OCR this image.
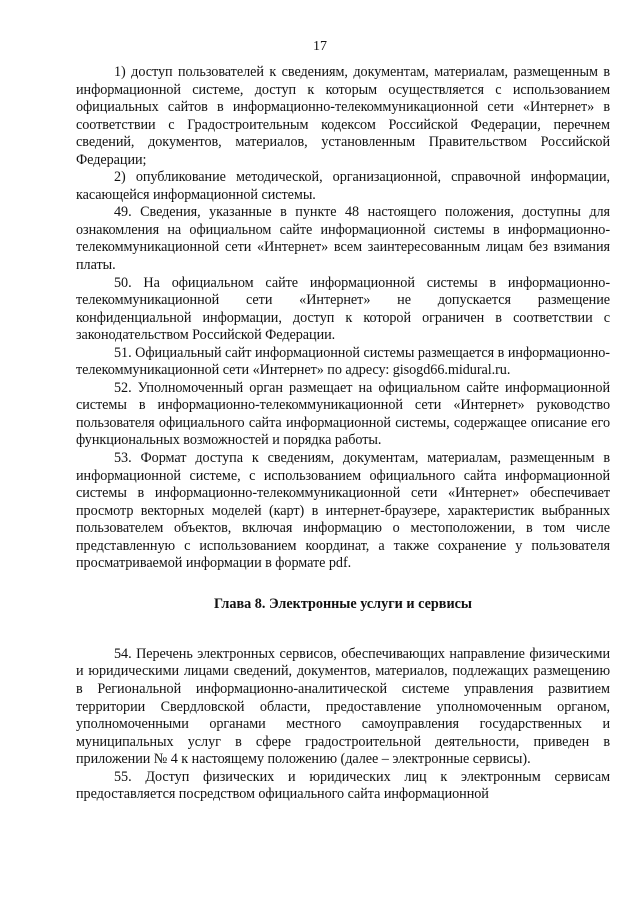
17

1) доступ пользователей к сведениям, документам, материалам, размещенным в информационной системе, доступ к которым осуществляется с использованием официальных сайтов в информационно-телекоммуникационной сети «Интернет» в соответствии с Градостроительным кодексом Российской Федерации, перечнем сведений, документов, материалов, установленным Правительством Российской Федерации;

2) опубликование методической, организационной, справочной информации, касающейся информационной системы.

49. Сведения, указанные в пункте 48 настоящего положения, доступны для ознакомления на официальном сайте информационной системы в информационно-телекоммуникационной сети «Интернет» всем заинтересованным лицам без взимания платы.

50. На официальном сайте информационной системы в информационно-телекоммуникационной сети «Интернет» не допускается размещение конфиденциальной информации, доступ к которой ограничен в соответствии с законодательством Российской Федерации.

51. Официальный сайт информационной системы размещается в информационно-телекоммуникационной сети «Интернет» по адресу: gisogd66.midural.ru.

52. Уполномоченный орган размещает на официальном сайте информационной системы в информационно-телекоммуникационной сети «Интернет» руководство пользователя официального сайта информационной системы, содержащее описание его функциональных возможностей и порядка работы.

53. Формат доступа к сведениям, документам, материалам, размещенным в информационной системе, с использованием официального сайта информационной системы в информационно-телекоммуникационной сети «Интернет» обеспечивает просмотр векторных моделей (карт) в интернет-браузере, характеристик выбранных пользователем объектов, включая информацию о местоположении, в том числе представленную с использованием координат, а также сохранение у пользователя просматриваемой информации в формате pdf.

Глава 8. Электронные услуги и сервисы

54. Перечень электронных сервисов, обеспечивающих направление физическими и юридическими лицами сведений, документов, материалов, подлежащих размещению в Региональной информационно-аналитической системе управления развитием территории Свердловской области, предоставление уполномоченным органом, уполномоченными органами местного самоуправления государственных и муниципальных услуг в сфере градостроительной деятельности, приведен в приложении № 4 к настоящему положению (далее – электронные сервисы).

55. Доступ физических и юридических лиц к электронным сервисам предоставляется посредством официального сайта информационной
